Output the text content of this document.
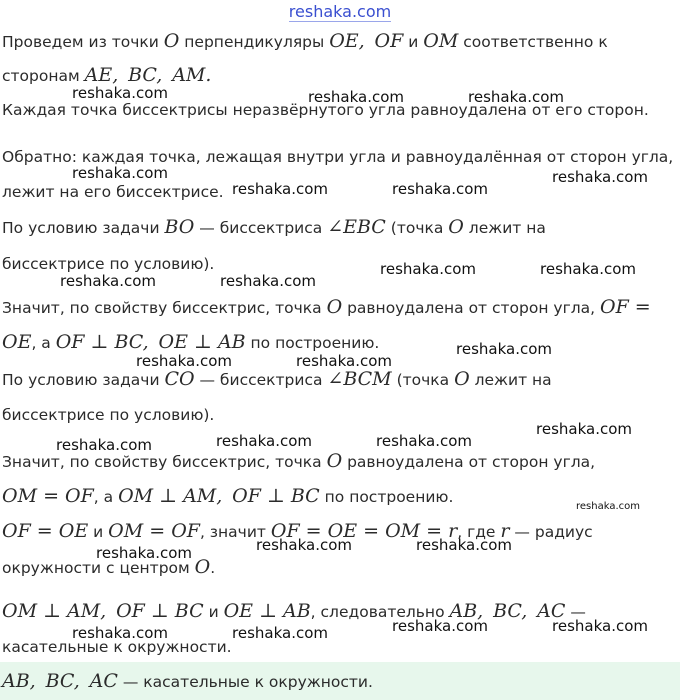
reshaka.com
Проведем из точки O перпендикуляры OE, OF и OM соответственно к
сторонам AE, BC, AM.
Каждая точка биссектрисы неразвёрнутого угла равноудалена от его сторон.
Обратно: каждая точка, лежащая внутри угла и равноудалённая от сторон угла,
лежит на его биссектрисе.
По условию задачи BO — биссектриса ∠EBC (точка O лежит на
биссектрисе по условию).
Значит, по свойству биссектрис, точка O равноудалена от сторон угла, OF =
OE, а OF ⊥ BC, OE ⊥ AB по построению.
По условию задачи CO — биссектриса ∠BCM (точка O лежит на
биссектрисе по условию).
Значит, по свойству биссектрис, точка O равноудалена от сторон угла,
OM = OF, а OM ⊥ AM, OF ⊥ BC по построению.
OF = OE и OM = OF, значит OF = OE = OM = r, где r — радиус
окружности с центром O.
OM ⊥ AM, OF ⊥ BC и OE ⊥ AB, следовательно AB, BC, AC —
касательные к окружности.
AB, BC, AC — касательные к окружности.
reshaka.com	reshaka.com	reshaka.com
reshaka.com
reshaka.com	reshaka.com
reshaka.com
reshaka.com	reshaka.com
reshaka.com	reshaka.com
reshaka.com
reshaka.com	reshaka.com
reshaka.com	reshaka.com
reshaka.com
reshaka.com
reshaka.com
reshaka.com	reshaka.com
reshaka.com
reshaka.com	reshaka.com
reshaka.com	reshaka.com
